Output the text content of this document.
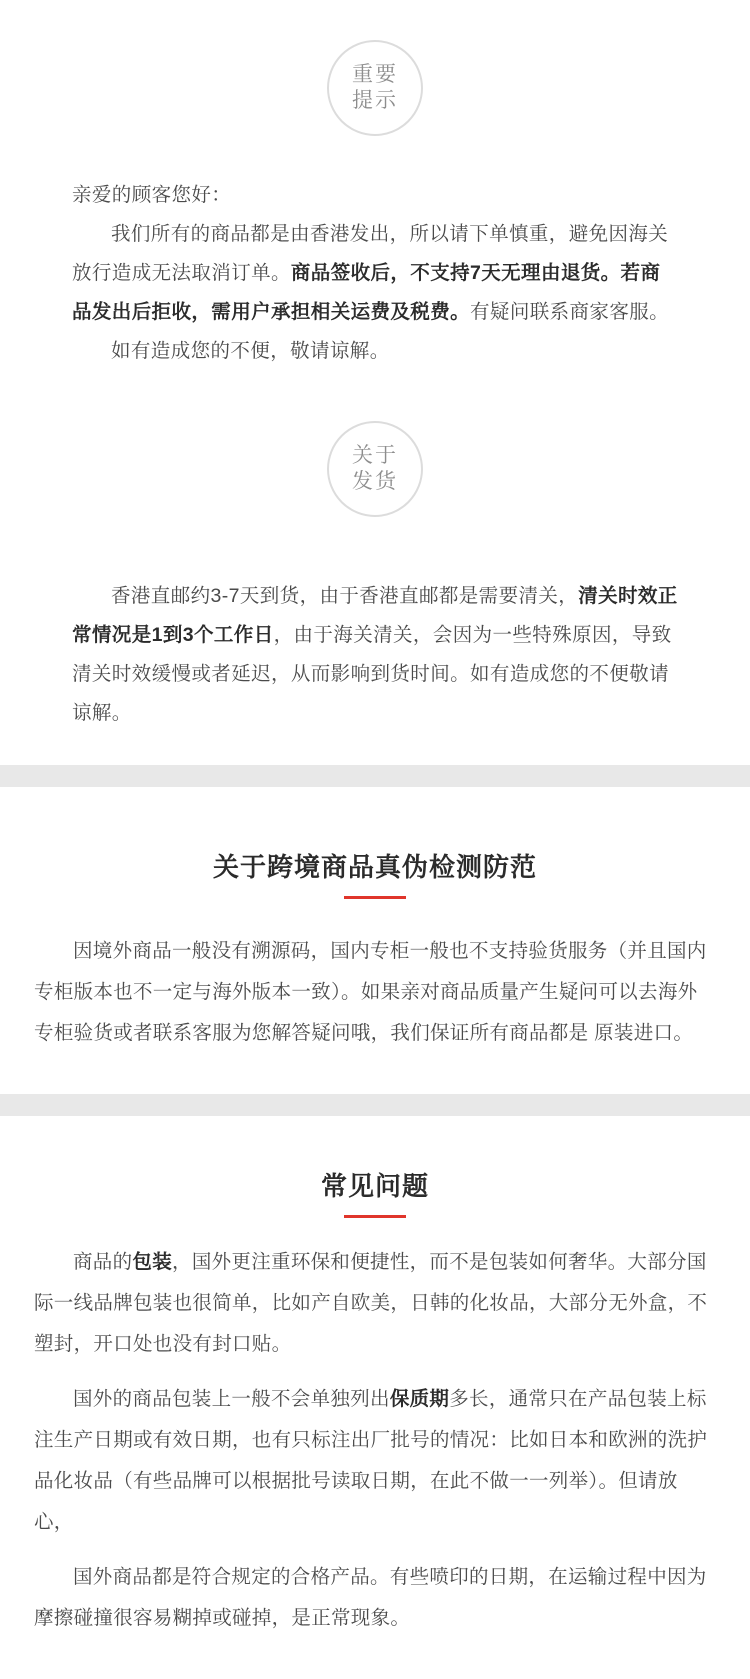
重要
提示

亲爱的顾客您好：

我们所有的商品都是由香港发出，所以请下单慎重，避免因海关放行造成无法取消订单。商品签收后，不支持7天无理由退货。若商品发出后拒收，需用户承担相关运费及税费。有疑问联系商家客服。

如有造成您的不便，敬请谅解。

关于
发货

香港直邮约3-7天到货，由于香港直邮都是需要清关，清关时效正常情况是1到3个工作日，由于海关清关，会因为一些特殊原因，导致清关时效缓慢或者延迟，从而影响到货时间。如有造成您的不便敬请谅解。

关于跨境商品真伪检测防范

因境外商品一般没有溯源码，国内专柜一般也不支持验货服务（并且国内专柜版本也不一定与海外版本一致）。如果亲对商品质量产生疑问可以去海外专柜验货或者联系客服为您解答疑问哦，我们保证所有商品都是 原装进口。

常见问题

商品的包装，国外更注重环保和便捷性，而不是包装如何奢华。大部分国际一线品牌包装也很简单，比如产自欧美，日韩的化妆品，大部分无外盒，不塑封，开口处也没有封口贴。

国外的商品包装上一般不会单独列出保质期多长，通常只在产品包装上标注生产日期或有效日期，也有只标注出厂批号的情况：比如日本和欧洲的洗护品化妆品（有些品牌可以根据批号读取日期，在此不做一一列举）。但请放心，

国外商品都是符合规定的合格产品。有些喷印的日期，在运输过程中因为摩擦碰撞很容易糊掉或碰掉，是正常现象。
